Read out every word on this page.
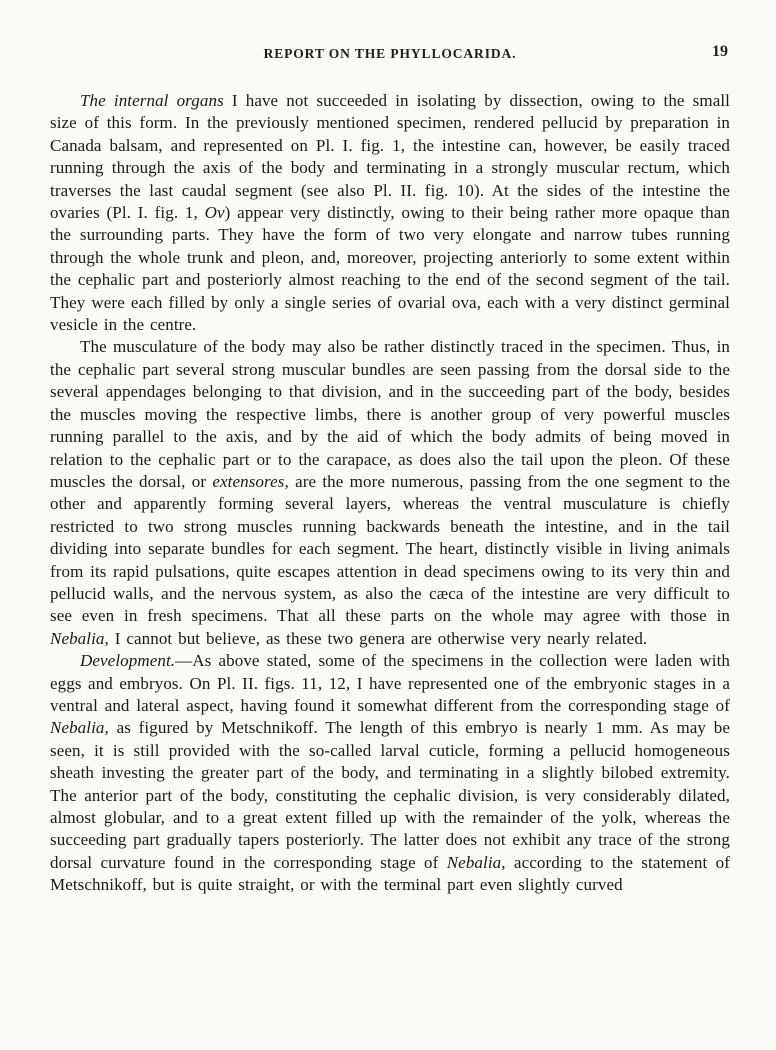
REPORT ON THE PHYLLOCARIDA.	19

The internal organs I have not succeeded in isolating by dissection, owing to the small size of this form. In the previously mentioned specimen, rendered pellucid by preparation in Canada balsam, and represented on Pl. I. fig. 1, the intestine can, however, be easily traced running through the axis of the body and terminating in a strongly muscular rectum, which traverses the last caudal segment (see also Pl. II. fig. 10). At the sides of the intestine the ovaries (Pl. I. fig. 1, Ov) appear very distinctly, owing to their being rather more opaque than the surrounding parts. They have the form of two very elongate and narrow tubes running through the whole trunk and pleon, and, moreover, projecting anteriorly to some extent within the cephalic part and posteriorly almost reaching to the end of the second segment of the tail. They were each filled by only a single series of ovarial ova, each with a very distinct germinal vesicle in the centre.

The musculature of the body may also be rather distinctly traced in the specimen. Thus, in the cephalic part several strong muscular bundles are seen passing from the dorsal side to the several appendages belonging to that division, and in the succeeding part of the body, besides the muscles moving the respective limbs, there is another group of very powerful muscles running parallel to the axis, and by the aid of which the body admits of being moved in relation to the cephalic part or to the carapace, as does also the tail upon the pleon. Of these muscles the dorsal, or extensores, are the more numerous, passing from the one segment to the other and apparently forming several layers, whereas the ventral musculature is chiefly restricted to two strong muscles running backwards beneath the intestine, and in the tail dividing into separate bundles for each segment. The heart, distinctly visible in living animals from its rapid pulsations, quite escapes attention in dead specimens owing to its very thin and pellucid walls, and the nervous system, as also the cæca of the intestine are very difficult to see even in fresh specimens. That all these parts on the whole may agree with those in Nebalia, I cannot but believe, as these two genera are otherwise very nearly related.

Development.—As above stated, some of the specimens in the collection were laden with eggs and embryos. On Pl. II. figs. 11, 12, I have represented one of the embryonic stages in a ventral and lateral aspect, having found it somewhat different from the corresponding stage of Nebalia, as figured by Metschnikoff. The length of this embryo is nearly 1 mm. As may be seen, it is still provided with the so-called larval cuticle, forming a pellucid homogeneous sheath investing the greater part of the body, and terminating in a slightly bilobed extremity. The anterior part of the body, constituting the cephalic division, is very considerably dilated, almost globular, and to a great extent filled up with the remainder of the yolk, whereas the succeeding part gradually tapers posteriorly. The latter does not exhibit any trace of the strong dorsal curvature found in the corresponding stage of Nebalia, according to the statement of Metschnikoff, but is quite straight, or with the terminal part even slightly curved
